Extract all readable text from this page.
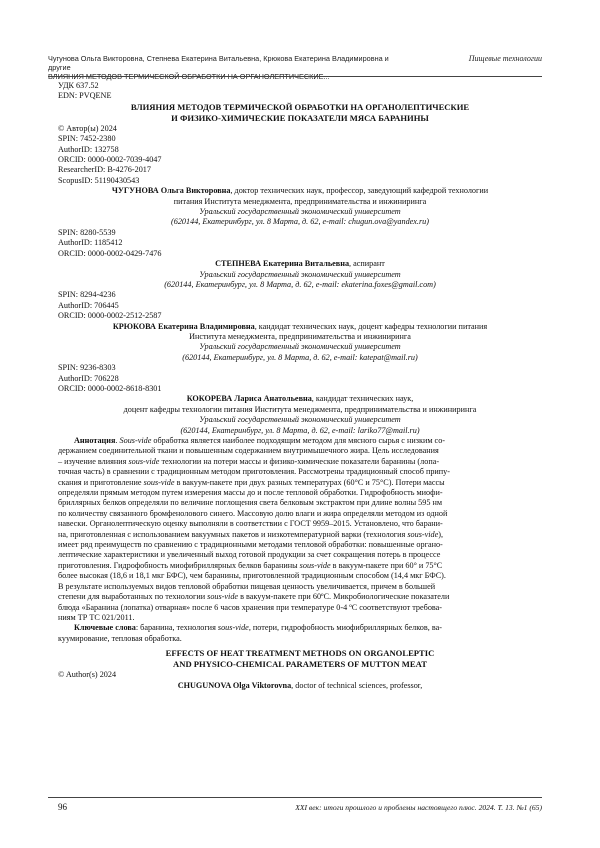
Чугунова Ольга Викторовна, Степнева Екатерина Витальевна, Крюкова Екатерина Владимировна и другие
ВЛИЯНИЯ МЕТОДОВ ТЕРМИЧЕСКОЙ ОБРАБОТКИ НА ОРГАНОЛЕПТИЧЕСКИЕ...
Пищевые технологии
УДК 637.52
EDN: PVQENE
ВЛИЯНИЯ МЕТОДОВ ТЕРМИЧЕСКОЙ ОБРАБОТКИ НА ОРГАНОЛЕПТИЧЕСКИЕ
И ФИЗИКО-ХИМИЧЕСКИЕ ПОКАЗАТЕЛИ МЯСА БАРАНИНЫ
© Автор(ы) 2024
SPIN: 7452-2380
AuthorID: 132758
ORCID: 0000-0002-7039-4047
ResearcherID: B-4276-2017
ScopusID: 51190430543
ЧУГУНОВА Ольга Викторовна, доктор технических наук, профессор, заведующий кафедрой технологии
питания Института менеджмента, предпринимательства и инжиниринга
Уральский государственный экономический университет
(620144, Екатеринбург, ул. 8 Марта, д. 62, e-mail: chugun.ova@yandex.ru)
SPIN: 8280-5539
AuthorID: 1185412
ORCID: 0000-0002-0429-7476
СТЕПНЕВА Екатерина Витальевна, аспирант
Уральский государственный экономический университет
(620144, Екатеринбург, ул. 8 Марта, д. 62, e-mail: ekaterina.foxes@gmail.com)
SPIN: 8294-4236
AuthorID: 706445
ORCID: 0000-0002-2512-2587
КРЮКОВА Екатерина Владимировна, кандидат технических наук, доцент кафедры технологии питания
Института менеджмента, предпринимательства и инжиниринга
Уральский государственный экономический университет
(620144, Екатеринбург, ул. 8 Марта, д. 62, e-mail: katepat@mail.ru)
SPIN: 9236-8303
AuthorID: 706228
ORCID: 0000-0002-8618-8301
КОКОРЕВА Лариса Анатольевна, кандидат технических наук,
доцент кафедры технологии питания Института менеджмента, предпринимательства и инжиниринга
Уральский государственный экономический университет
(620144, Екатеринбург, ул. 8 Марта, д. 62, e-mail: lariko77@mail.ru)
Аннотация. Sous-vide обработка является наиболее подходящим методом для мясного сырья с низким со-
держанием соединительной ткани и повышенным содержанием внутримышечного жира. Цель исследования
– изучение влияния sous-vide технологии на потери массы и физико-химические показатели баранины (лопа-
точная часть) в сравнении с традиционным методом приготовления. Рассмотрены традиционный способ припу-
скания и приготовление sous-vide в вакуум-пакете при двух разных температурах (60°С и 75°С). Потери массы
определяли прямым методом путем измерения массы до и после тепловой обработки. Гидрофобность миофи-
бриллярных белков определяли по величине поглощения света белковым экстрактом при длине волны 595 нм
по количеству связанного бромфенолового синего. Массовую долю влаги и жира определяли методом из одной
навески. Органолептическую оценку выполняли в соответствии с ГОСТ 9959–2015. Установлено, что барани-
на, приготовленная с использованием вакуумных пакетов и низкотемпературной варки (технология sous-vide),
имеет ряд преимуществ по сравнению с традиционными методами тепловой обработки: повышенные органо-
лептические характеристики и увеличенный выход готовой продукции за счет сокращения потерь в процессе
приготовления. Гидрофобность миофибриллярных белков баранины sous-vide в вакуум-пакете при 60° и 75°С
более высокая (18,6 и 18,1 мкг БФС), чем баранины, приготовленной традиционным способом (14,4 мкг БФС).
В результате используемых видов тепловой обработки пищевая ценность увеличивается, причем в большей
степени для выработанных по технологии sous-vide в вакуум-пакете при 60ºС. Микробиологические показатели
блюда «Баранина (лопатка) отварная» после 6 часов хранения при температуре 0-4 ºС соответствуют требова-
ниям ТР ТС 021/2011.
Ключевые слова: баранина, технология sous-vide, потери, гидрофобность миофибриллярных белков, ва-
куумирование, тепловая обработка.
EFFECTS OF HEAT TREATMENT METHODS ON ORGANOLEPTIC
AND PHYSICO-CHEMICAL PARAMETERS OF MUTTON MEAT
© Author(s) 2024
CHUGUNOVA Olga Viktorovna, doctor of technical sciences, professor,
96	XXI век: итоги прошлого и проблемы настоящего плюс. 2024. Т. 13. №1 (65)
